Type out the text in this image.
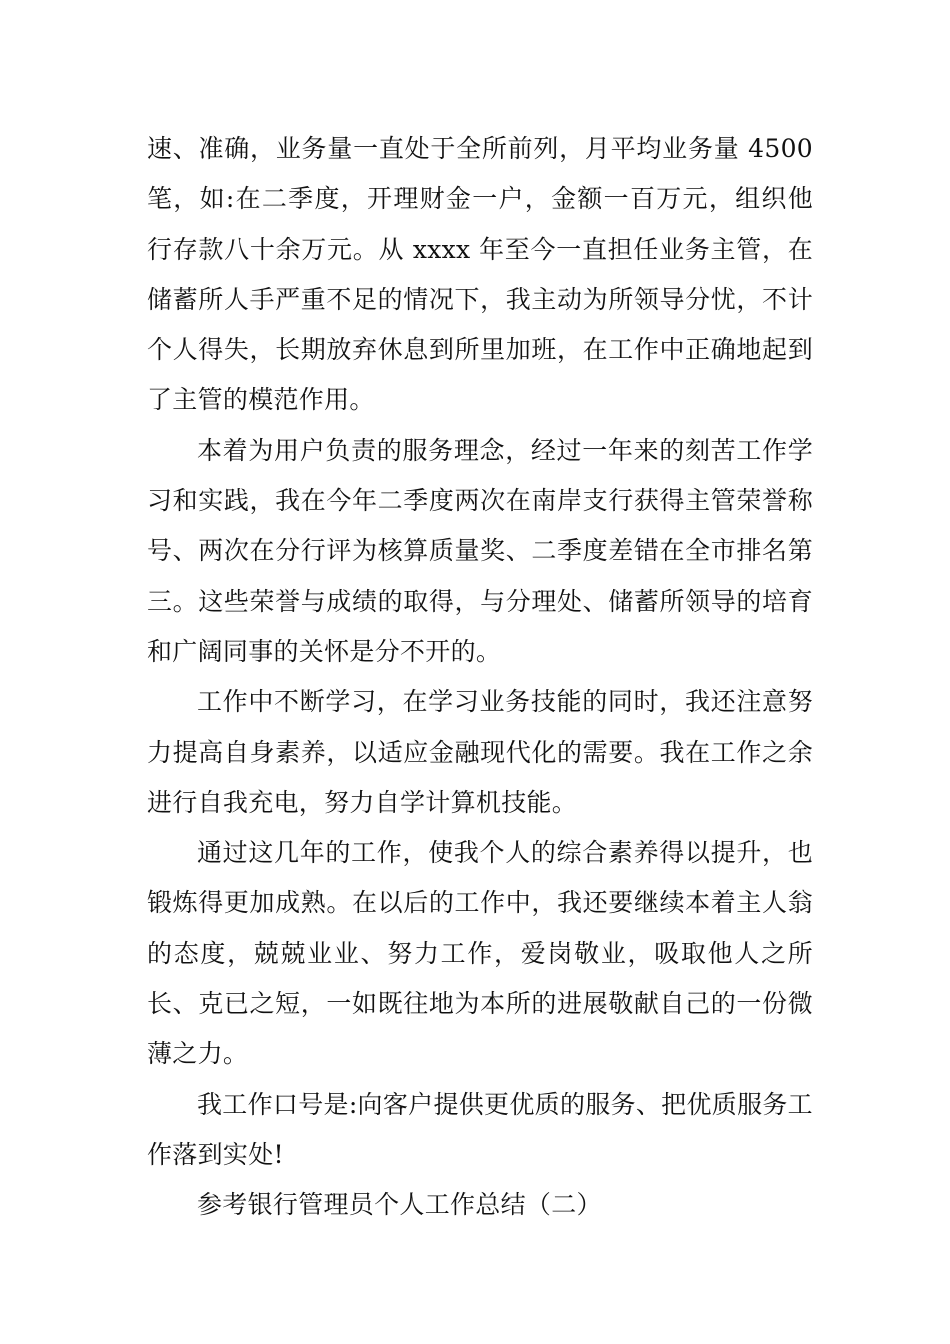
速、准确，业务量一直处于全所前列，月平均业务量 4500 笔，如:在二季度，开理财金一户，金额一百万元，组织他行存款八十余万元。从 xxxx 年至今一直担任业务主管，在储蓄所人手严重不足的情况下，我主动为所领导分忧，不计个人得失，长期放弃休息到所里加班，在工作中正确地起到了主管的模范作用。

本着为用户负责的服务理念，经过一年来的刻苦工作学习和实践，我在今年二季度两次在南岸支行获得主管荣誉称号、两次在分行评为核算质量奖、二季度差错在全市排名第三。这些荣誉与成绩的取得，与分理处、储蓄所领导的培育和广阔同事的关怀是分不开的。

工作中不断学习，在学习业务技能的同时，我还注意努力提高自身素养，以适应金融现代化的需要。我在工作之余进行自我充电，努力自学计算机技能。

通过这几年的工作，使我个人的综合素养得以提升，也锻炼得更加成熟。在以后的工作中，我还要继续本着主人翁的态度，兢兢业业、努力工作，爱岗敬业，吸取他人之所长、克已之短，一如既往地为本所的进展敬献自己的一份微薄之力。

我工作口号是:向客户提供更优质的服务、把优质服务工作落到实处!

参考银行管理员个人工作总结（二）
